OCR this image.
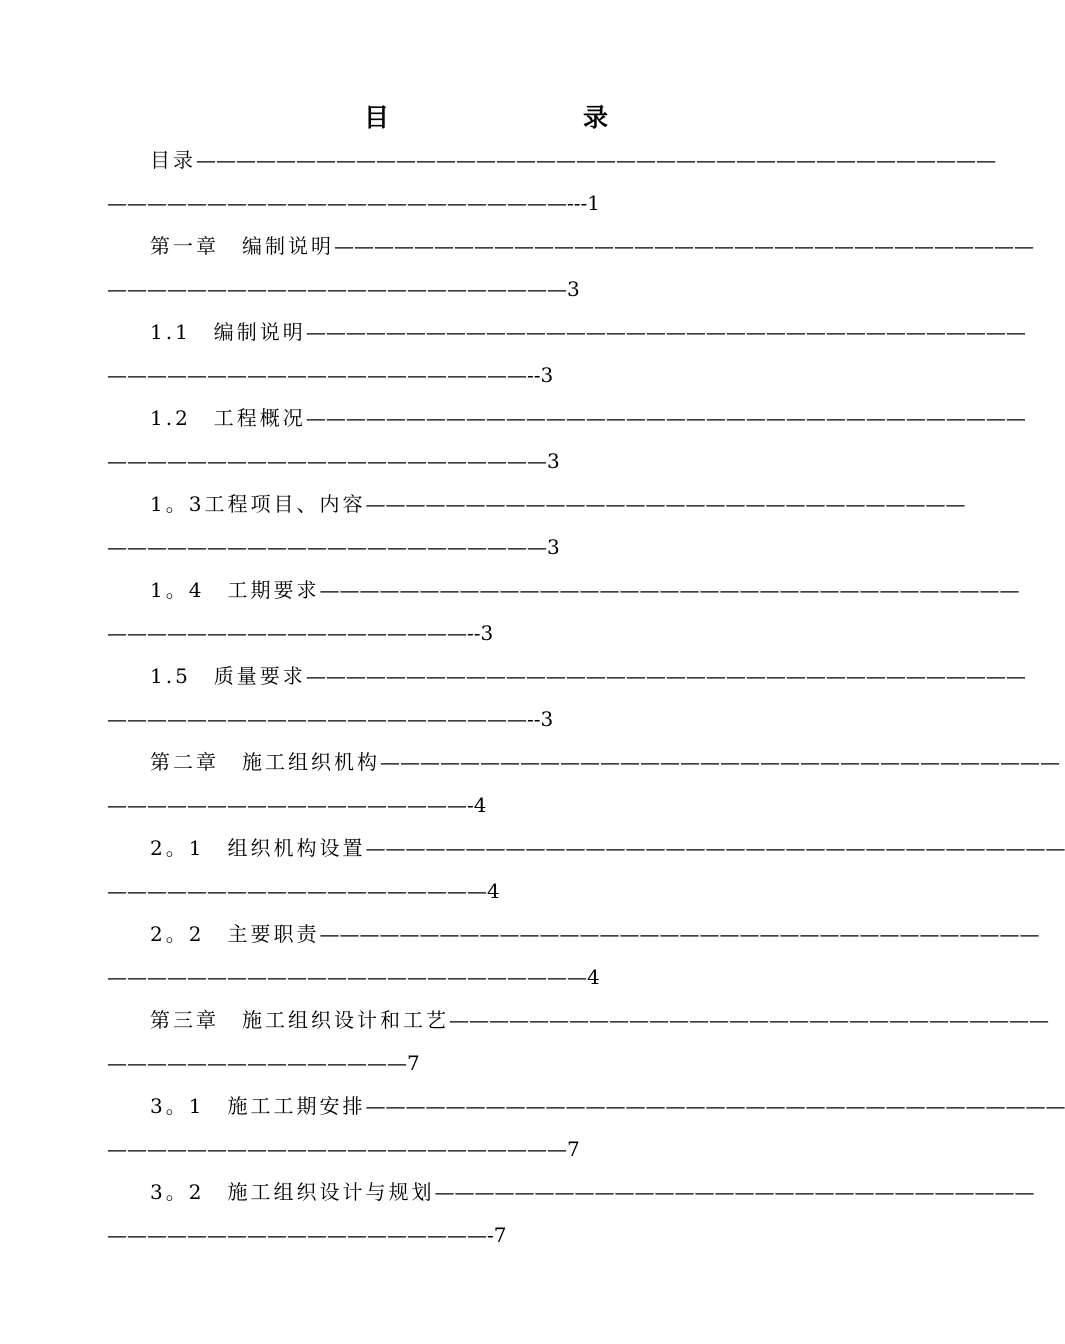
目　　录
目录————————————————————————————————————————
———————————————————————---1
第一章　编制说明———————————————————————————————————
———————————————————————3
1.1　编制说明————————————————————————————————————
—————————————————————--3
1.2　工程概况————————————————————————————————————
——————————————————————3
1。3工程项目、内容——————————————————————————————
——————————————————————3
1。4　工期要求———————————————————————————————————
——————————————————--3
1.5　质量要求————————————————————————————————————
—————————————————————--3
第二章　施工组织机构——————————————————————————————————
——————————————————-4
2。1　组织机构设置———————————————————————————————————
———————————————————4
2。2　主要职责————————————————————————————————————
————————————————————————4
第三章　施工组织设计和工艺——————————————————————————————
———————————————7
3。1　施工工期安排———————————————————————————————————
———————————————————————7
3。2　施工组织设计与规划——————————————————————————————
———————————————————-7
